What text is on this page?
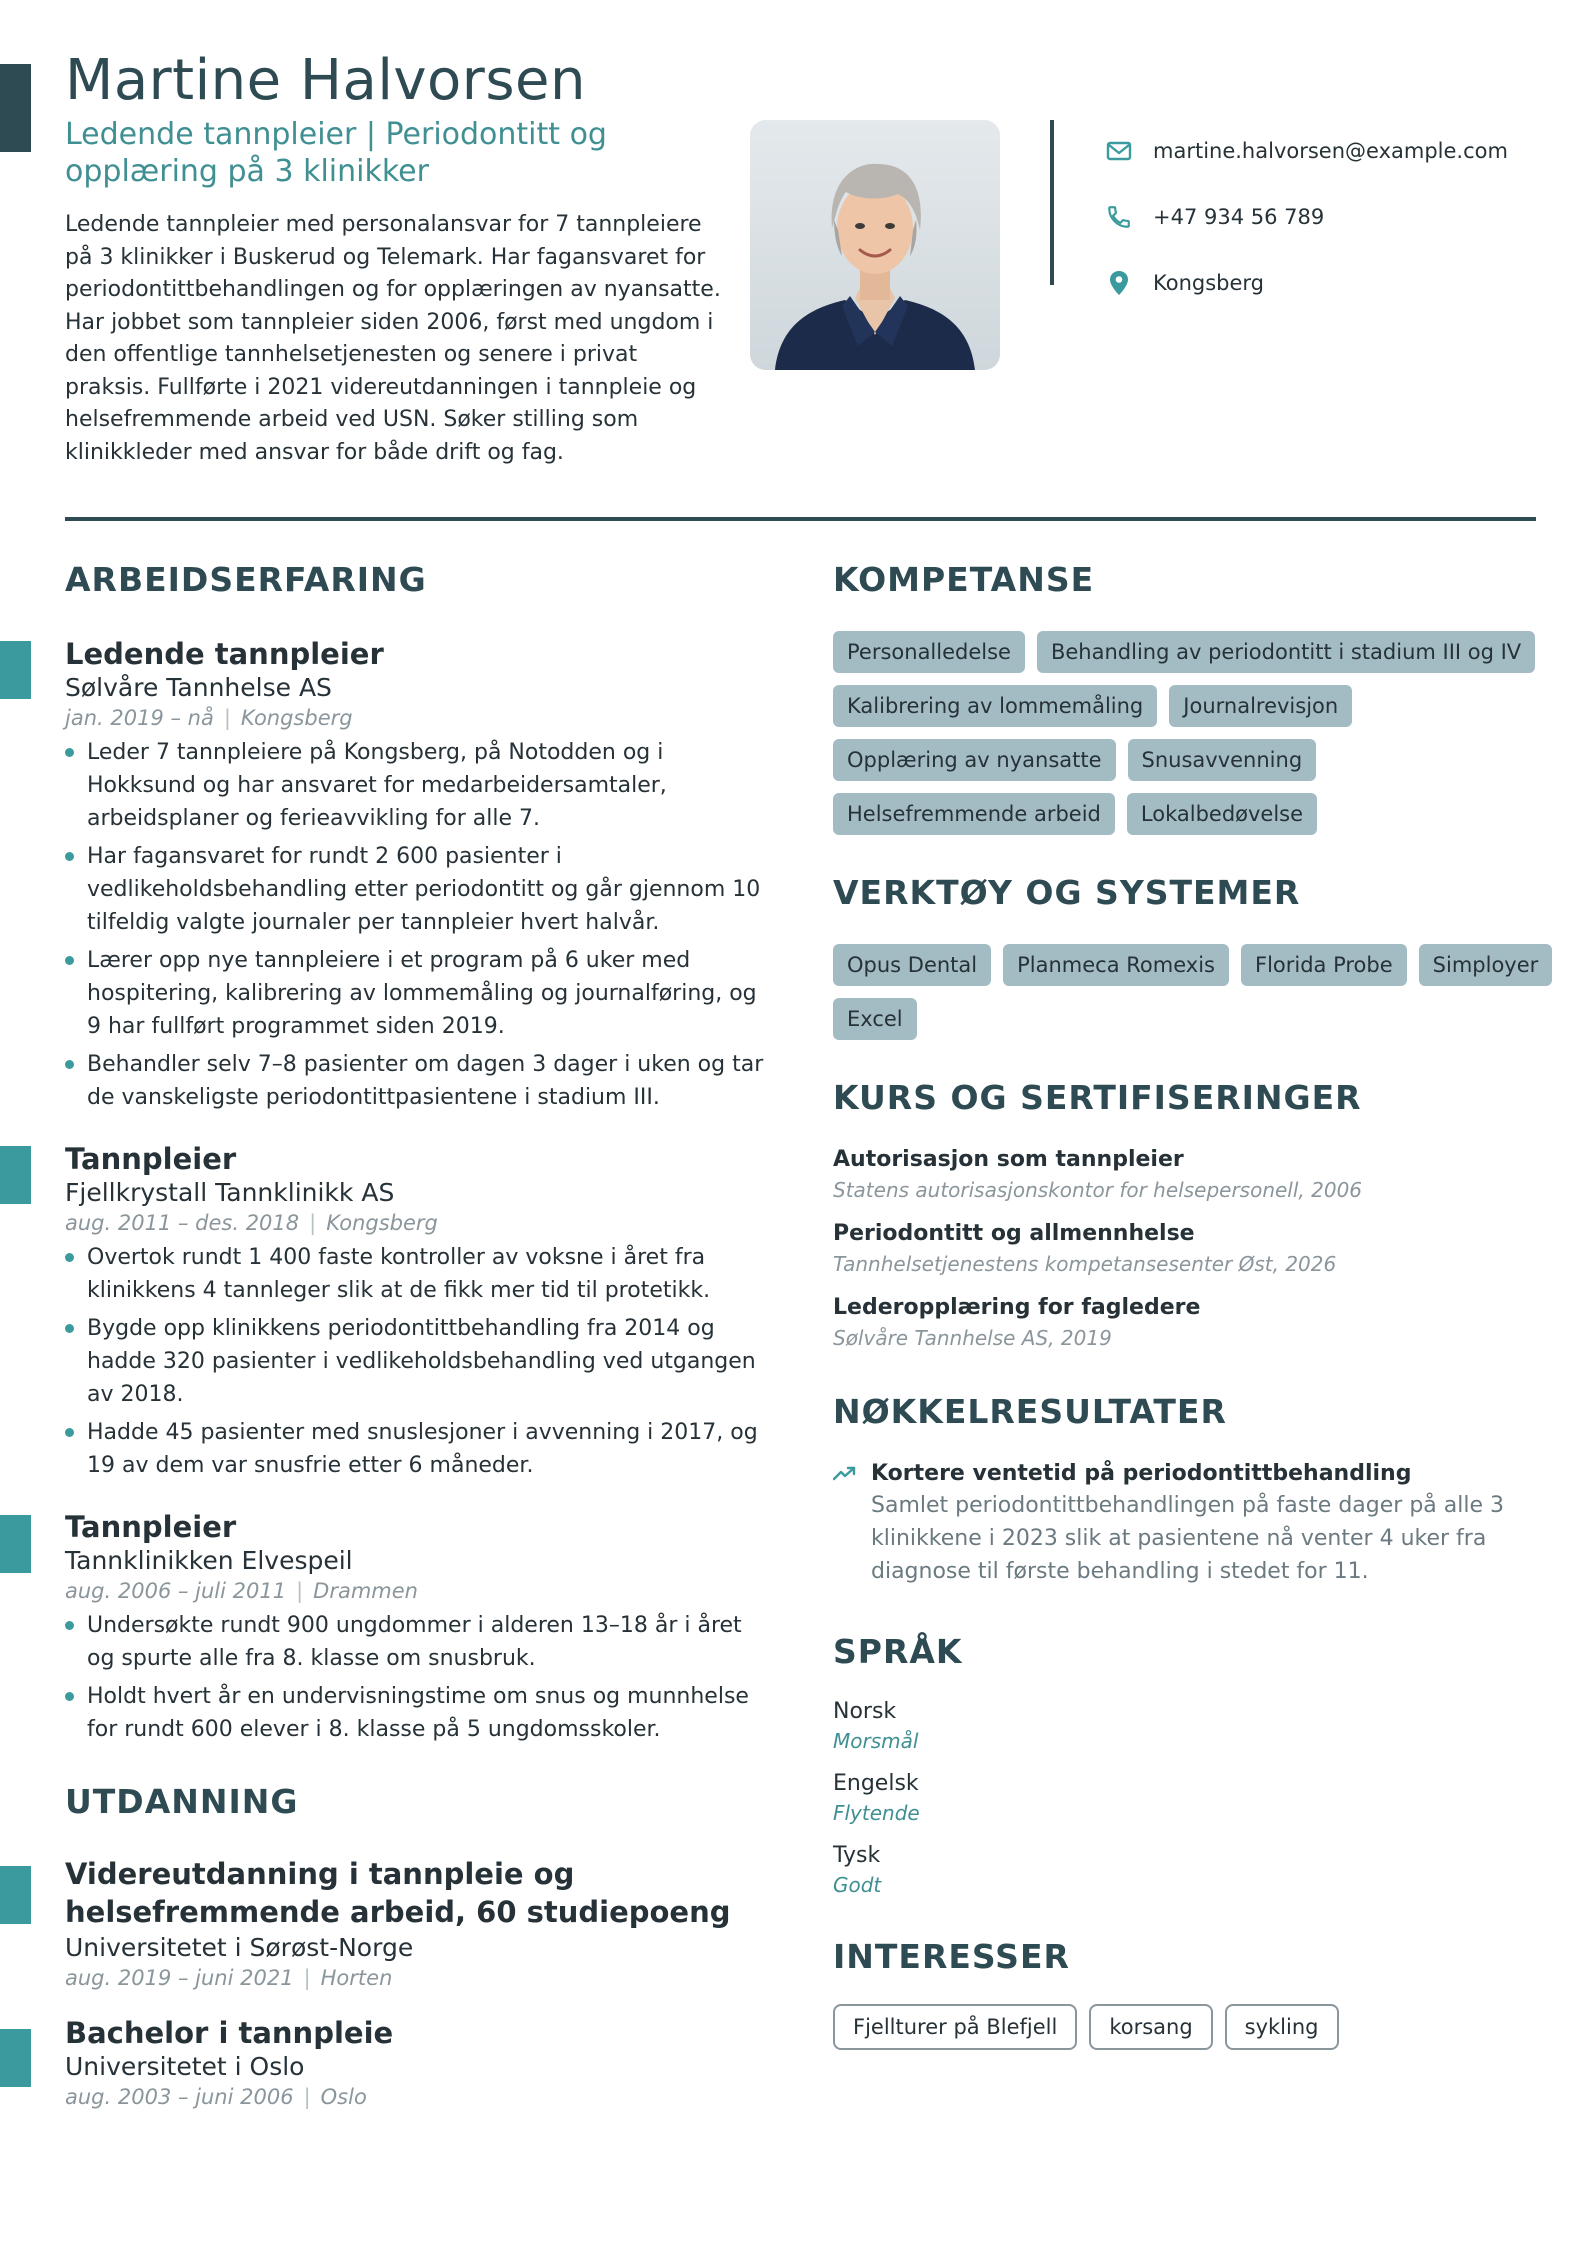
Martine Halvorsen
Ledende tannpleier | Periodontitt og opplæring på 3 klinikker
Ledende tannpleier med personalansvar for 7 tannpleiere på 3 klinikker i Buskerud og Telemark. Har fagansvaret for periodontittbehandlingen og for opplæringen av nyansatte. Har jobbet som tannpleier siden 2006, først med ungdom i den offentlige tannhelsetjenesten og senere i privat praksis. Fullførte i 2021 videreutdanningen i tannpleie og helsefremmende arbeid ved USN. Søker stilling som klinikkleder med ansvar for både drift og fag.
martine.halvorsen@example.com
+47 934 56 789
Kongsberg
ARBEIDSERFARING
Ledende tannpleier
Sølvåre Tannhelse AS
jan. 2019 – nå | Kongsberg
Leder 7 tannpleiere på Kongsberg, på Notodden og i Hokksund og har ansvaret for medarbeidersamtaler, arbeidsplaner og ferieavvikling for alle 7.
Har fagansvaret for rundt 2 600 pasienter i vedlikeholdsbehandling etter periodontitt og går gjennom 10 tilfeldig valgte journaler per tannpleier hvert halvår.
Lærer opp nye tannpleiere i et program på 6 uker med hospitering, kalibrering av lommemåling og journalføring, og 9 har fullført programmet siden 2019.
Behandler selv 7–8 pasienter om dagen 3 dager i uken og tar de vanskeligste periodontittpasientene i stadium III.
Tannpleier
Fjellkrystall Tannklinikk AS
aug. 2011 – des. 2018 | Kongsberg
Overtok rundt 1 400 faste kontroller av voksne i året fra klinikkens 4 tannleger slik at de fikk mer tid til protetikk.
Bygde opp klinikkens periodontittbehandling fra 2014 og hadde 320 pasienter i vedlikeholdsbehandling ved utgangen av 2018.
Hadde 45 pasienter med snuslesjoner i avvenning i 2017, og 19 av dem var snusfrie etter 6 måneder.
Tannpleier
Tannklinikken Elvespeil
aug. 2006 – juli 2011 | Drammen
Undersøkte rundt 900 ungdommer i alderen 13–18 år i året og spurte alle fra 8. klasse om snusbruk.
Holdt hvert år en undervisningstime om snus og munnhelse for rundt 600 elever i 8. klasse på 5 ungdomsskoler.
UTDANNING
Videreutdanning i tannpleie og helsefremmende arbeid, 60 studiepoeng
Universitetet i Sørøst-Norge
aug. 2019 – juni 2021 | Horten
Bachelor i tannpleie
Universitetet i Oslo
aug. 2003 – juni 2006 | Oslo
KOMPETANSE
Personalledelse	Behandling av periodontitt i stadium III og IV
Kalibrering av lommemåling	Journalrevisjon
Opplæring av nyansatte	Snusavvenning
Helsefremmende arbeid	Lokalbedøvelse
VERKTØY OG SYSTEMER
Opus Dental	Planmeca Romexis	Florida Probe	Simployer
Excel
KURS OG SERTIFISERINGER
Autorisasjon som tannpleier
Statens autorisasjonskontor for helsepersonell, 2006
Periodontitt og allmennhelse
Tannhelsetjenestens kompetansesenter Øst, 2026
Lederopplæring for fagledere
Sølvåre Tannhelse AS, 2019
NØKKELRESULTATER
Kortere ventetid på periodontittbehandling
Samlet periodontittbehandlingen på faste dager på alle 3 klinikkene i 2023 slik at pasientene nå venter 4 uker fra diagnose til første behandling i stedet for 11.
SPRÅK
Norsk
Morsmål
Engelsk
Flytende
Tysk
Godt
INTERESSER
Fjellturer på Blefjell	korsang	sykling
